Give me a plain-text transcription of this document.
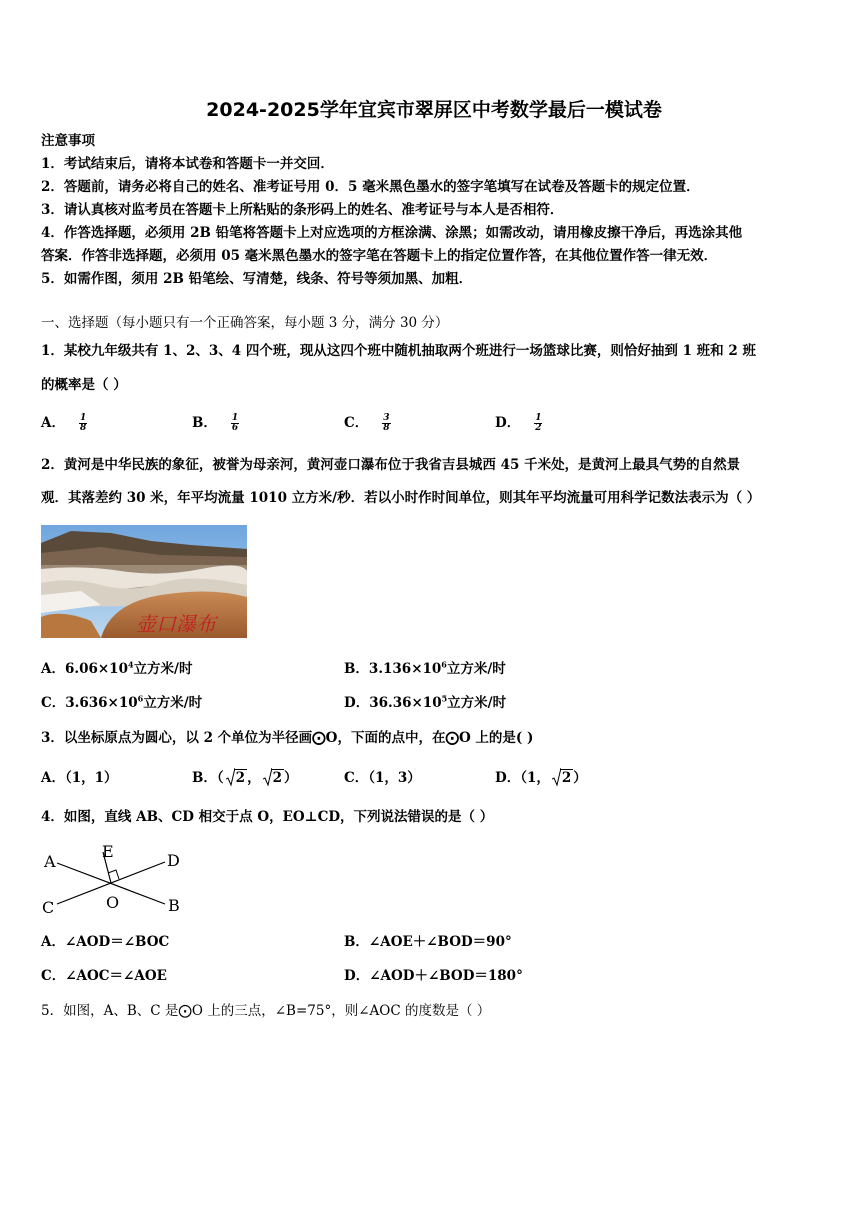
2024-2025学年宜宾市翠屏区中考数学最后一模试卷
注意事项
1．考试结束后，请将本试卷和答题卡一并交回．
2．答题前，请务必将自己的姓名、准考证号用 0．5 毫米黑色墨水的签字笔填写在试卷及答题卡的规定位置．
3．请认真核对监考员在答题卡上所粘贴的条形码上的姓名、准考证号与本人是否相符．
4．作答选择题，必须用 2B 铅笔将答题卡上对应选项的方框涂满、涂黑；如需改动，请用橡皮擦干净后，再选涂其他
答案．作答非选择题，必须用 05 毫米黑色墨水的签字笔在答题卡上的指定位置作答，在其他位置作答一律无效．
5．如需作图，须用 2B 铅笔绘、写清楚，线条、符号等须加黑、加粗．
一、选择题（每小题只有一个正确答案，每小题 3 分，满分 30 分）
1．某校九年级共有 1、2、3、4 四个班，现从这四个班中随机抽取两个班进行一场篮球比赛，则恰好抽到 1 班和 2 班
的概率是（ ）
A． $\frac{1}{8}$	B． $\frac{1}{6}$	C． $\frac{3}{8}$	D． $\frac{1}{2}$
2．黄河是中华民族的象征，被誉为母亲河，黄河壶口瀑布位于我省吉县城西 45 千米处，是黄河上最具气势的自然景
观．其落差约 30 米，年平均流量 1010 立方米/秒．若以小时作时间单位，则其年平均流量可用科学记数法表示为（ ）
壶口瀑布
A．$6.06\times 10^4$立方米/时	B．$3.136\times 10^6$立方米/时
C．$3.636\times 10^6$立方米/时	D．$36.36\times 10^5$立方米/时
3．以坐标原点为圆心，以 2 个单位为半径画⨀O，下面的点中，在⨀O 上的是( )
A．（1，1）	B．（ 2 ， 2 ）	C．（1，3）	D．（1， 2 ）
4．如图，直线 AB、CD 相交于点 O，EO⊥CD，下列说法错误的是（ ）
A	D
E
C	O	B
A．∠AOD＝∠BOC	B．∠AOE＋∠BOD＝90°
C．∠AOC＝∠AOE	D．∠AOD＋∠BOD＝180°
5．如图，A、B、C 是⨀O 上的三点，∠B=75°，则∠AOC 的度数是（ ）
